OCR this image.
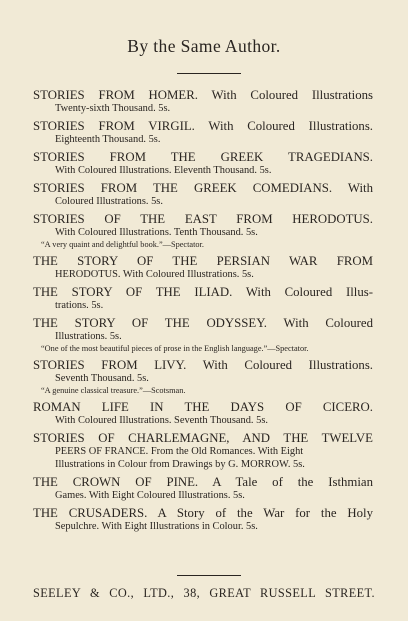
By the Same Author.
STORIES FROM HOMER. With Coloured Illustrations
Twenty-sixth Thousand. 5s.
STORIES FROM VIRGIL. With Coloured Illustrations.
Eighteenth Thousand. 5s.
STORIES FROM THE GREEK TRAGEDIANS.
With Coloured Illustrations. Eleventh Thousand. 5s.
STORIES FROM THE GREEK COMEDIANS. With
Coloured Illustrations. 5s.
STORIES OF THE EAST FROM HERODOTUS.
With Coloured Illustrations. Tenth Thousand. 5s.
“A very quaint and delightful book.”—Spectator.
THE STORY OF THE PERSIAN WAR FROM
HERODOTUS. With Coloured Illustrations. 5s.
THE STORY OF THE ILIAD. With Coloured Illus-
trations. 5s.
THE STORY OF THE ODYSSEY. With Coloured
Illustrations. 5s.
“One of the most beautiful pieces of prose in the English language.”—Spectator.
STORIES FROM LIVY. With Coloured Illustrations.
Seventh Thousand. 5s.
“A genuine classical treasure.”—Scotsman.
ROMAN LIFE IN THE DAYS OF CICERO.
With Coloured Illustrations. Seventh Thousand. 5s.
STORIES OF CHARLEMAGNE, AND THE TWELVE
PEERS OF FRANCE. From the Old Romances. With Eight
Illustrations in Colour from Drawings by G. MORROW. 5s.
THE CROWN OF PINE. A Tale of the Isthmian
Games. With Eight Coloured Illustrations. 5s.
THE CRUSADERS. A Story of the War for the Holy
Sepulchre. With Eight Illustrations in Colour. 5s.
SEELEY & CO., LTD., 38, GREAT RUSSELL STREET.
